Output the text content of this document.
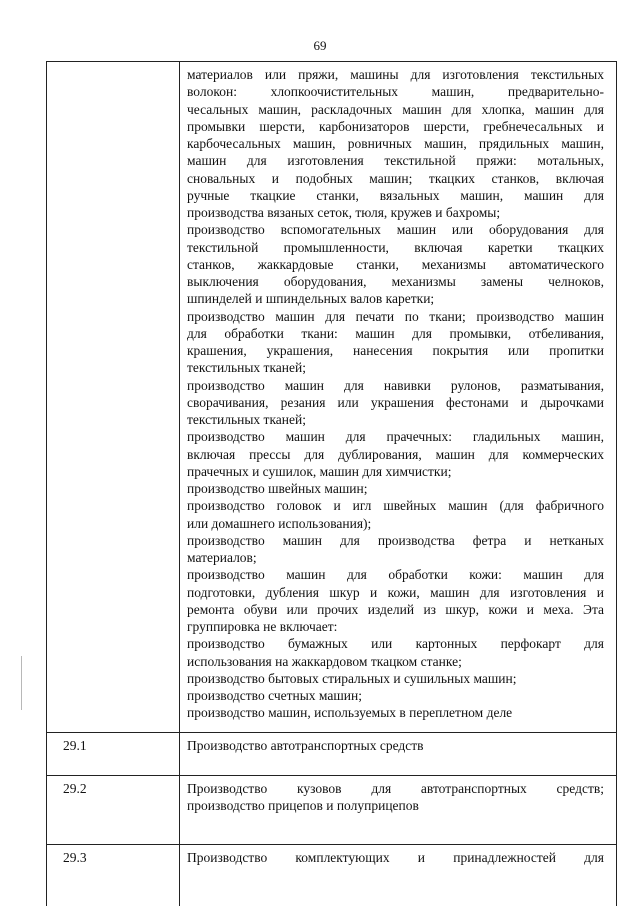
69
материалов или пряжи, машины для изготовления текстильных
волокон: хлопкоочистительных машин, предварительно-
чесальных машин, раскладочных машин для хлопка, машин для
промывки шерсти, карбонизаторов шерсти, гребнечесальных и
карбочесальных машин, ровничных машин, прядильных машин,
машин для изготовления текстильной пряжи: мотальных,
сновальных и подобных машин; ткацких станков, включая
ручные ткацкие станки, вязальных машин, машин для
производства вязаных сеток, тюля, кружев и бахромы;
производство вспомогательных машин или оборудования для
текстильной промышленности, включая каретки ткацких
станков, жаккардовые станки, механизмы автоматического
выключения оборудования, механизмы замены челноков,
шпинделей и шпиндельных валов каретки;
производство машин для печати по ткани; производство машин
для обработки ткани: машин для промывки, отбеливания,
крашения, украшения, нанесения покрытия или пропитки
текстильных тканей;
производство машин для навивки рулонов, разматывания,
сворачивания, резания или украшения фестонами и дырочками
текстильных тканей;
производство машин для прачечных: гладильных машин,
включая прессы для дублирования, машин для коммерческих
прачечных и сушилок, машин для химчистки;
производство швейных машин;
производство головок и игл швейных машин (для фабричного
или домашнего использования);
производство машин для производства фетра и нетканых
материалов;
производство машин для обработки кожи: машин для
подготовки, дубления шкур и кожи, машин для изготовления и
ремонта обуви или прочих изделий из шкур, кожи и меха. Эта
группировка не включает:
производство бумажных или картонных перфокарт для
использования на жаккардовом ткацком станке;
производство бытовых стиральных и сушильных машин;
производство счетных машин;
производство машин, используемых в переплетном деле
29.1	Производство автотранспортных средств
29.2	Производство кузовов для автотранспортных средств;
производство прицепов и полуприцепов
29.3	Производство комплектующих и принадлежностей для
